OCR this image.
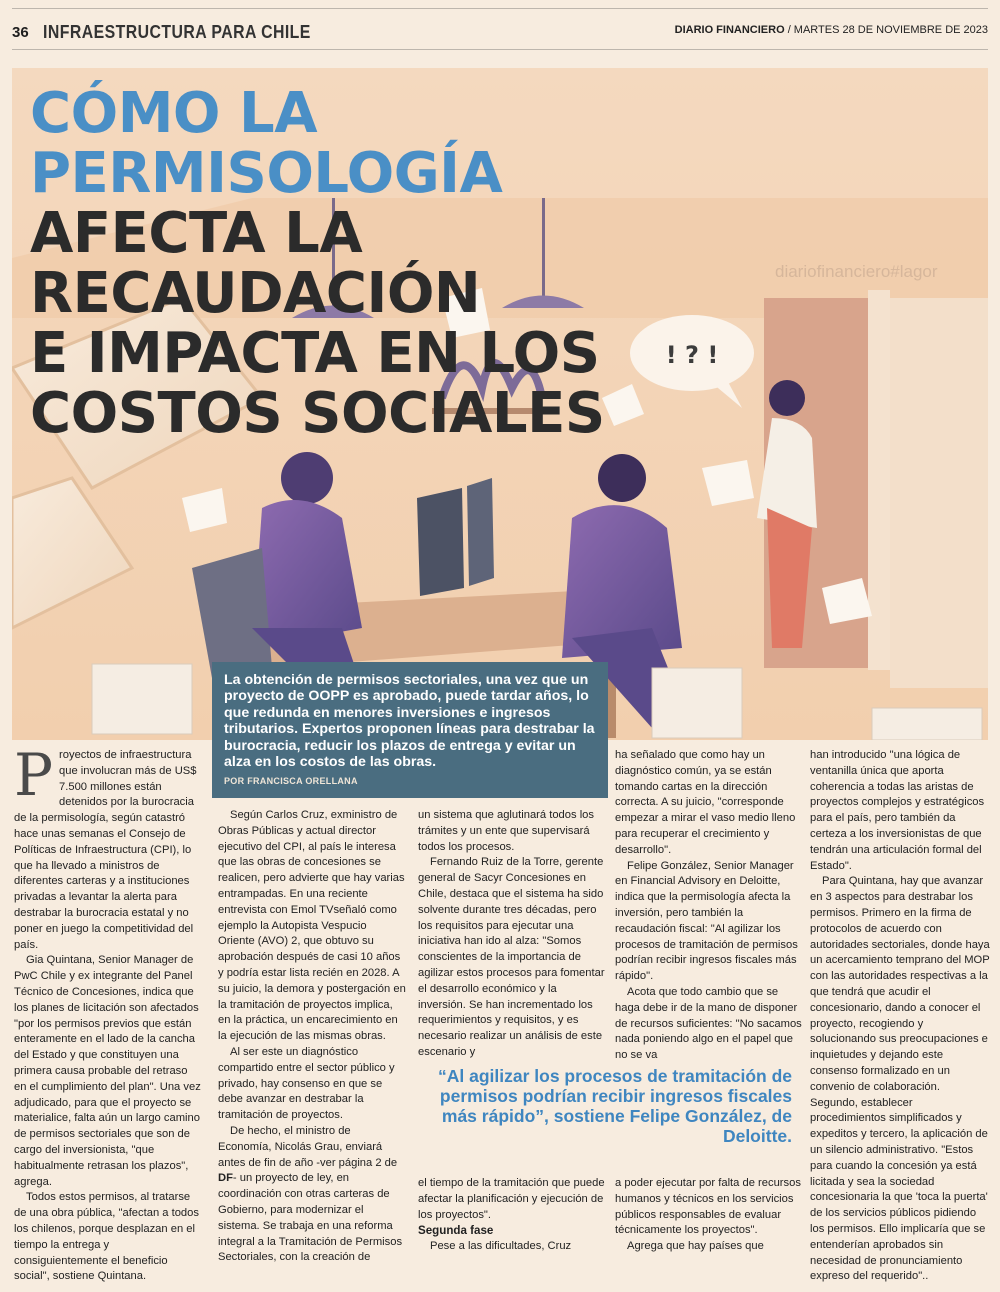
36 INFRAESTRUCTURA PARA CHILE	DIARIO FINANCIERO / MARTES 28 DE NOVIEMBRE DE 2023
! ? !
diariofinanciero#lagor
CÓMO LA PERMISOLOGÍA
AFECTA LA RECAUDACIÓN
E IMPACTA EN LOS
COSTOS SOCIALES
La obtención de permisos sectoriales, una vez que un proyecto de OOPP es aprobado, puede tardar años, lo que redunda en menores inversiones e ingresos tributarios. Expertos proponen líneas para destrabar la burocracia, reducir los plazos de entrega y evitar un alza en los costos de las obras.
POR FRANCISCA ORELLANA

Proyectos de infraestructura que involucran más de US$ 7.500 millones están detenidos por la burocracia de la permisología, según catastró hace unas semanas el Consejo de Políticas de Infraestructura (CPI), lo que ha llevado a ministros de diferentes carteras y a instituciones privadas a levantar la alerta para destrabar la burocracia estatal y no poner en juego la competitividad del país.

Gia Quintana, Senior Manager de PwC Chile y ex integrante del Panel Técnico de Concesiones, indica que los planes de licitación son afectados "por los permisos previos que están enteramente en el lado de la cancha del Estado y que constituyen una primera causa probable del retraso en el cumplimiento del plan". Una vez adjudicado, para que el proyecto se materialice, falta aún un largo camino de permisos sectoriales que son de cargo del inversionista, "que habitualmente retrasan los plazos", agrega.

Todos estos permisos, al tratarse de una obra pública, "afectan a todos los chilenos, porque desplazan en el tiempo la entrega y consiguientemente el beneficio social", sostiene Quintana.

Según Carlos Cruz, exministro de Obras Públicas y actual director ejecutivo del CPI, al país le interesa que las obras de concesiones se realicen, pero advierte que hay varias entrampadas. En una reciente entrevista con Emol TVseñaló como ejemplo la Autopista Vespucio Oriente (AVO) 2, que obtuvo su aprobación después de casi 10 años y podría estar lista recién en 2028. A su juicio, la demora y postergación en la tramitación de proyectos implica, en la práctica, un encarecimiento en la ejecución de las mismas obras.

Al ser este un diagnóstico compartido entre el sector público y privado, hay consenso en que se debe avanzar en destrabar la tramitación de proyectos.

De hecho, el ministro de Economía, Nicolás Grau, enviará antes de fin de año -ver página 2 de DF- un proyecto de ley, en coordinación con otras carteras de Gobierno, para modernizar el sistema. Se trabaja en una reforma integral a la Tramitación de Permisos Sectoriales, con la creación de

un sistema que aglutinará todos los trámites y un ente que supervisará todos los procesos.

Fernando Ruiz de la Torre, gerente general de Sacyr Concesiones en Chile, destaca que el sistema ha sido solvente durante tres décadas, pero los requisitos para ejecutar una iniciativa han ido al alza: "Somos conscientes de la importancia de agilizar estos procesos para fomentar el desarrollo económico y la inversión. Se han incrementado los requerimientos y requisitos, y es necesario realizar un análisis de este escenario y

ha señalado que como hay un diagnóstico común, ya se están tomando cartas en la dirección correcta. A su juicio, "corresponde empezar a mirar el vaso medio lleno para recuperar el crecimiento y desarrollo".

Felipe González, Senior Manager en Financial Advisory en Deloitte, indica que la permisología afecta la inversión, pero también la recaudación fiscal: "Al agilizar los procesos de tramitación de permisos podrían recibir ingresos fiscales más rápido".

Acota que todo cambio que se haga debe ir de la mano de disponer de recursos suficientes: "No sacamos nada poniendo algo en el papel que no se va

“Al agilizar los procesos de tramitación de permisos podrían recibir ingresos fiscales más rápido”, sostiene Felipe González, de Deloitte.

el tiempo de la tramitación que puede afectar la planificación y ejecución de los proyectos".

Segunda fase

Pese a las dificultades, Cruz

a poder ejecutar por falta de recursos humanos y técnicos en los servicios públicos responsables de evaluar técnicamente los proyectos".

Agrega que hay países que

han introducido "una lógica de ventanilla única que aporta coherencia a todas las aristas de proyectos complejos y estratégicos para el país, pero también da certeza a los inversionistas de que tendrán una articulación formal del Estado".

Para Quintana, hay que avanzar en 3 aspectos para destrabar los permisos. Primero en la firma de protocolos de acuerdo con autoridades sectoriales, donde haya un acercamiento temprano del MOP con las autoridades respectivas a la que tendrá que acudir el concesionario, dando a conocer el proyecto, recogiendo y solucionando sus preocupaciones e inquietudes y dejando este consenso formalizado en un convenio de colaboración. Segundo, establecer procedimientos simplificados y expeditos y tercero, la aplicación de un silencio administrativo. "Estos para cuando la concesión ya está licitada y sea la sociedad concesionaria la que 'toca la puerta' de los servicios públicos pidiendo los permisos. Ello implicaría que se entenderían aprobados sin necesidad de pronunciamiento expreso del requerido"..
